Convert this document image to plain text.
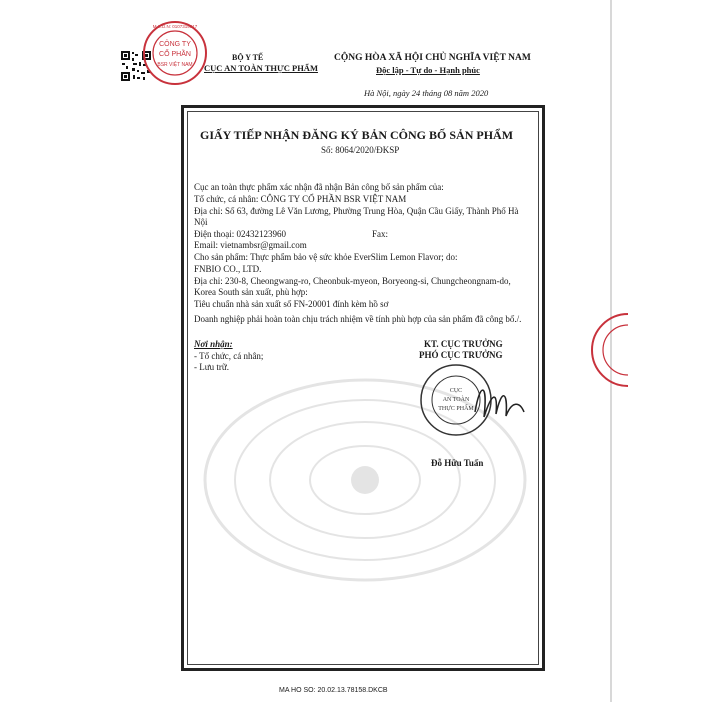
CÔNG TY
CỔ PHẦN
BSR VIỆT NAM
M.S.D.N: 0107319017
CỤC
AN TOÀN
THỰC PHẨM
BỘ Y TẾ
CỤC AN TOÀN THỰC PHẨM
CỘNG HÒA XÃ HỘI CHỦ NGHĨA VIỆT NAM
Độc lập - Tự do - Hạnh phúc
Hà Nội, ngày 24 tháng 08 năm 2020
GIẤY TIẾP NHẬN ĐĂNG KÝ BẢN CÔNG BỐ SẢN PHẨM
Số: 8064/2020/ĐKSP
Cục an toàn thực phẩm xác nhận đã nhận Bản công bố sản phẩm của:
Tổ chức, cá nhân: CÔNG TY CỔ PHẦN BSR VIỆT NAM
Địa chỉ: Số 63, đường Lê Văn Lương, Phường Trung Hòa, Quận Cầu Giấy, Thành Phố Hà
Nội
Điện thoại: 02432123960	Fax:
Email: vietnambsr@gmail.com
Cho sản phẩm: Thực phẩm bảo vệ sức khỏe EverSlim Lemon Flavor; do:
FNBIO CO., LTD.
Địa chỉ: 230-8, Cheongwang-ro, Cheonbuk-myeon, Boryeong-si, Chungcheongnam-do,
Korea South sản xuất, phù hợp:
Tiêu chuẩn nhà sản xuất số FN-20001 đính kèm hồ sơ
Doanh nghiệp phải hoàn toàn chịu trách nhiệm về tính phù hợp của sản phẩm đã công bố./.
Nơi nhận:
- Tổ chức, cá nhân;
- Lưu trữ.
KT. CỤC TRƯỞNG
PHÓ CỤC TRƯỞNG
Đỗ Hữu Tuấn
MA HO SO: 20.02.13.78158.DKCB
